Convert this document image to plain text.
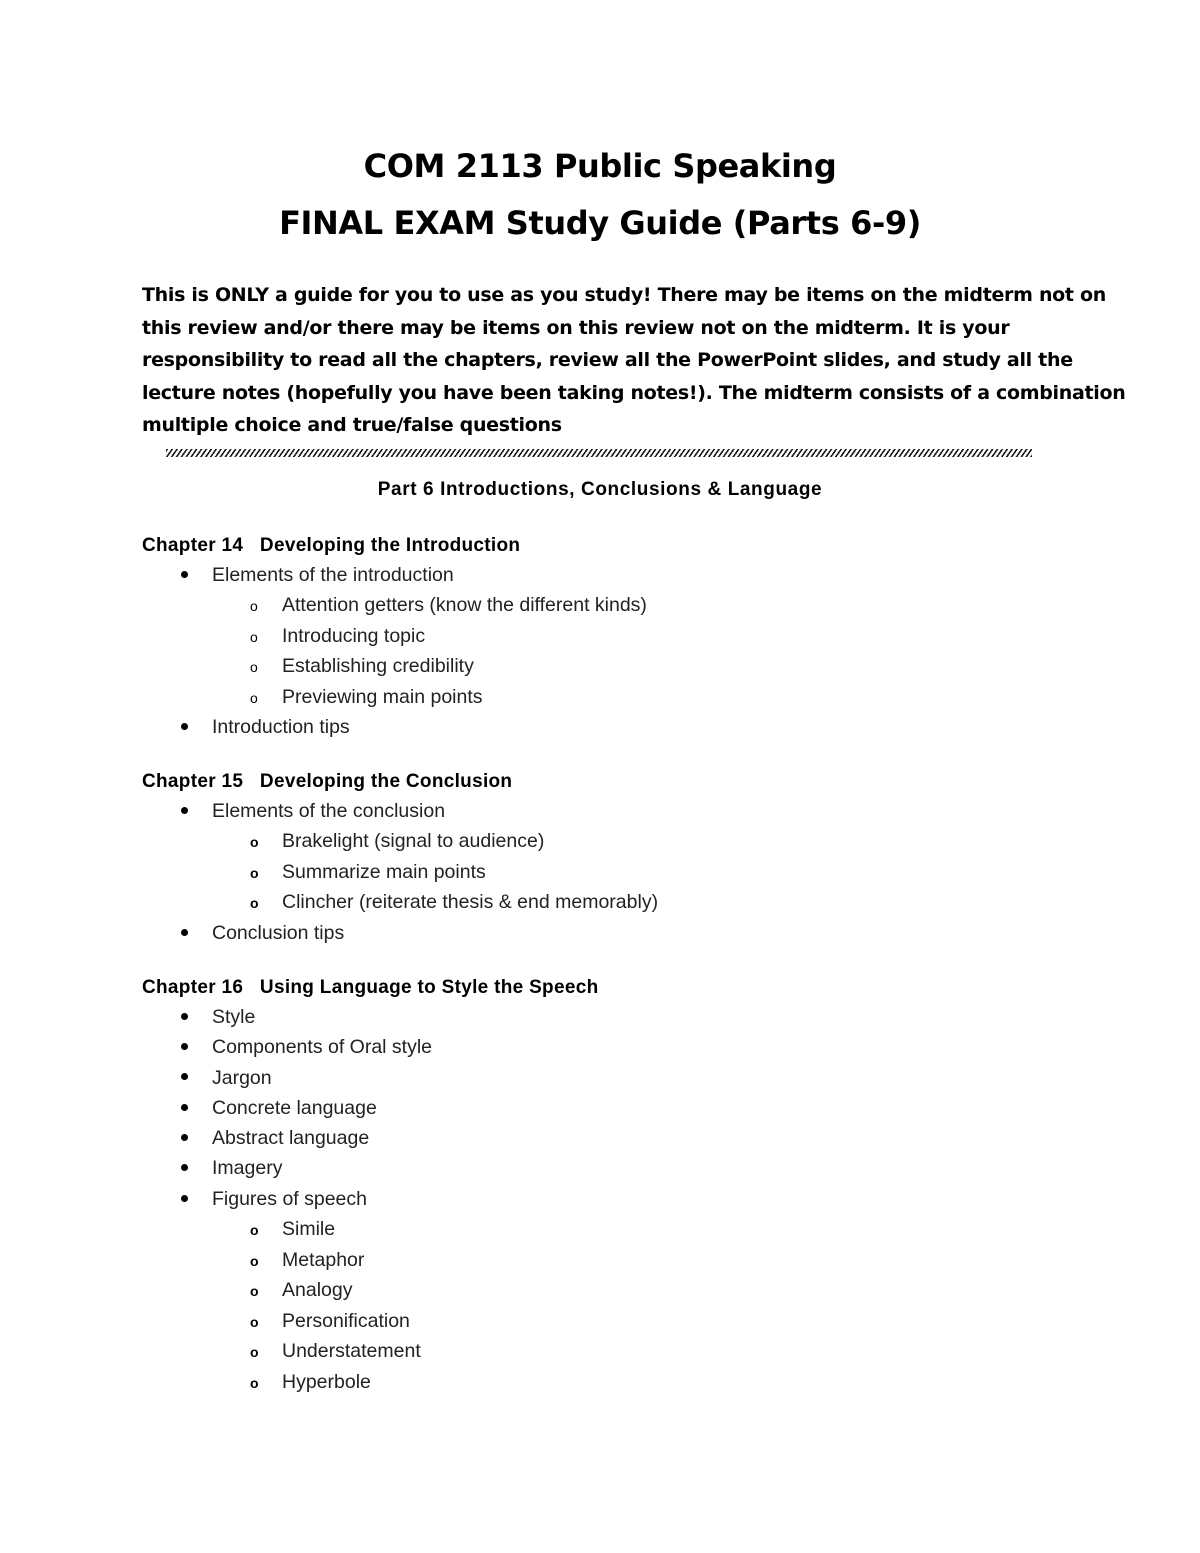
COM 2113 Public Speaking
FINAL EXAM Study Guide (Parts 6-9)

This is ONLY a guide for you to use as you study! There may be items on the midterm not on

this review and/or there may be items on this review not on the midterm. It is your

responsibility to read all the chapters, review all the PowerPoint slides, and study all the

lecture notes (hopefully you have been taking notes!). The midterm consists of a combination

multiple choice and true/false questions

Part 6 Introductions, Conclusions & Language

Chapter 14   Developing the Introduction

Elements of the introduction
o Attention getters (know the different kinds)
o Introducing topic
o Establishing credibility
o Previewing main points
Introduction tips

Chapter 15   Developing the Conclusion

Elements of the conclusion
o Brakelight (signal to audience)
o Summarize main points
o Clincher (reiterate thesis & end memorably)
Conclusion tips

Chapter 16   Using Language to Style the Speech

Style
Components of Oral style
Jargon
Concrete language
Abstract language
Imagery
Figures of speech
o Simile
o Metaphor
o Analogy
o Personification
o Understatement
o Hyperbole
